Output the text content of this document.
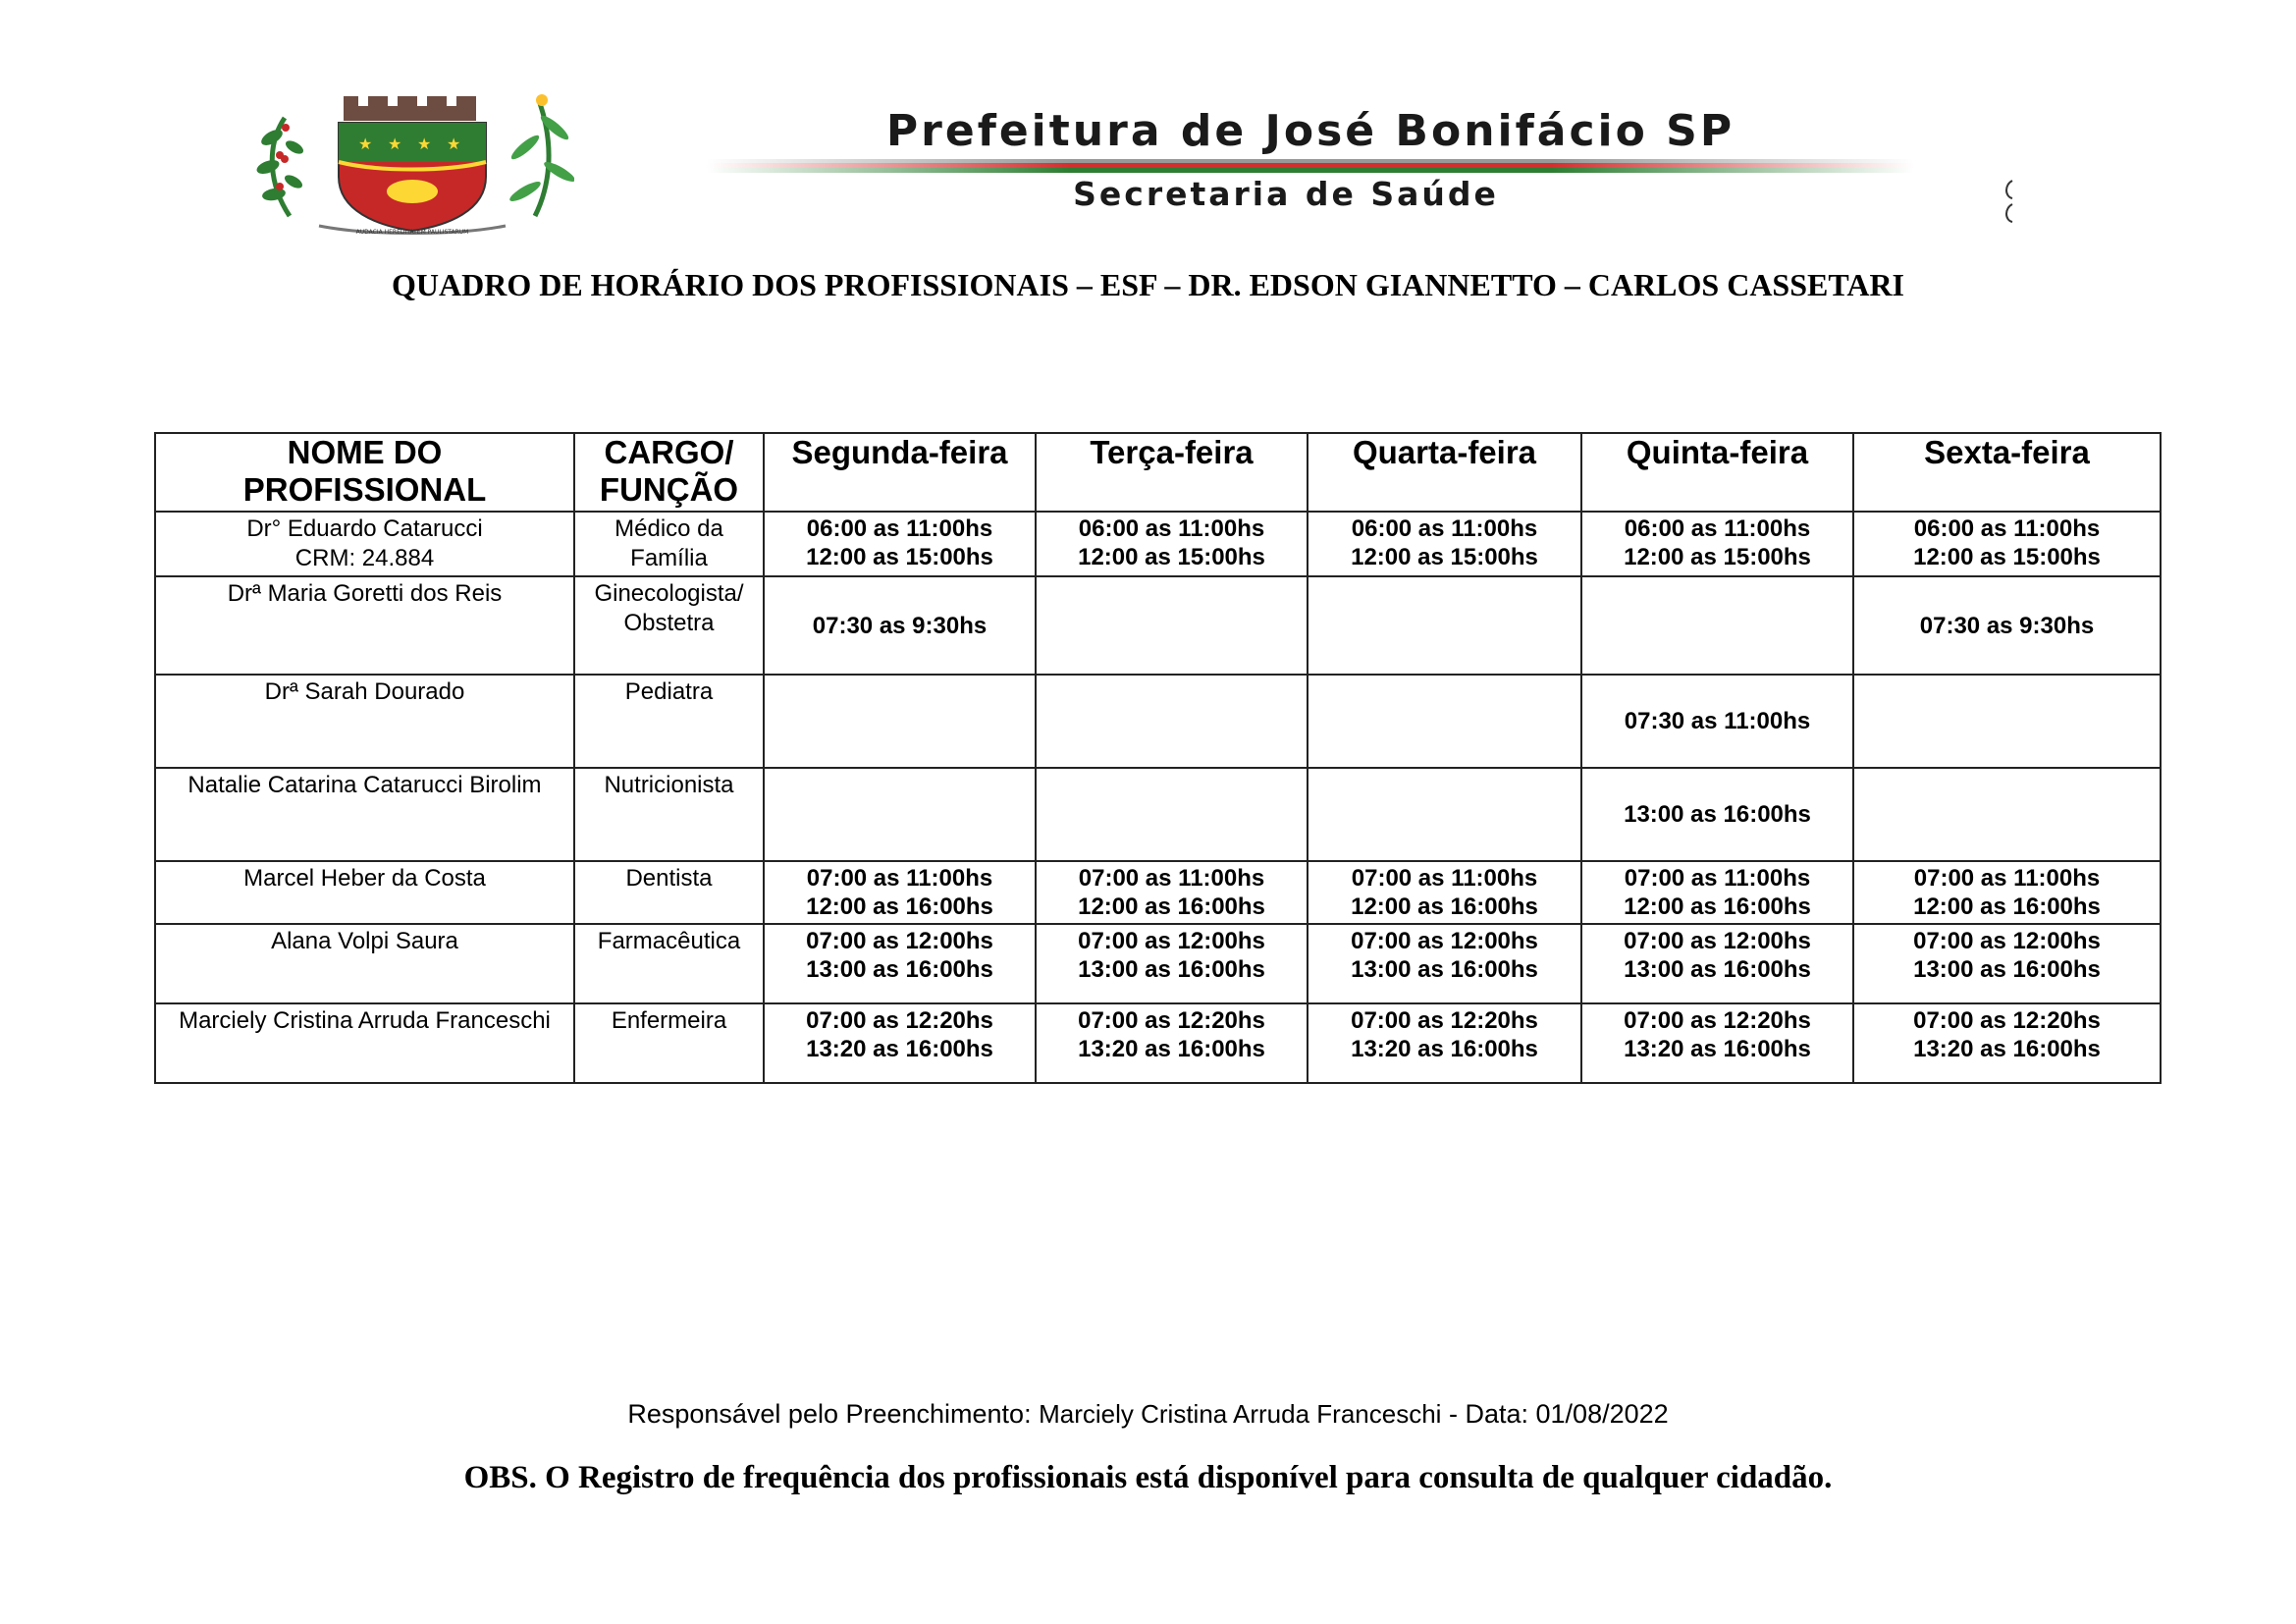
★ ★ ★ ★
AUDACIA HEREDITATEM PAULISTARUM
Prefeitura de José Bonifácio SP
Secretaria de Saúde
QUADRO DE HORÁRIO DOS PROFISSIONAIS – ESF – DR. EDSON GIANNETTO – CARLOS CASSETARI
NOME DO
PROFISSIONAL	CARGO/
FUNÇÃO	Segunda-feira	Terça-feira	Quarta-feira	Quinta-feira	Sexta-feira

Dr° Eduardo Catarucci
CRM: 24.884	Médico da
Família	06:00 as 11:00hs
12:00 as 15:00hs	06:00 as 11:00hs
12:00 as 15:00hs	06:00 as 11:00hs
12:00 as 15:00hs	06:00 as 11:00hs
12:00 as 15:00hs	06:00 as 11:00hs
12:00 as 15:00hs

Drª Maria Goretti dos Reis	Ginecologista/
Obstetra	07:30 as 9:30hs				07:30 as 9:30hs

Drª Sarah Dourado	Pediatra				07:30 as 11:00hs	

Natalie Catarina Catarucci Birolim	Nutricionista				13:00 as 16:00hs	

Marcel Heber da Costa	Dentista	07:00 as 11:00hs
12:00 as 16:00hs	07:00 as 11:00hs
12:00 as 16:00hs	07:00 as 11:00hs
12:00 as 16:00hs	07:00 as 11:00hs
12:00 as 16:00hs	07:00 as 11:00hs
12:00 as 16:00hs

Alana Volpi Saura	Farmacêutica	07:00 as 12:00hs
13:00 as 16:00hs	07:00 as 12:00hs
13:00 as 16:00hs	07:00 as 12:00hs
13:00 as 16:00hs	07:00 as 12:00hs
13:00 as 16:00hs	07:00 as 12:00hs
13:00 as 16:00hs

Marciely Cristina Arruda Franceschi	Enfermeira	07:00 as 12:20hs
13:20 as 16:00hs	07:00 as 12:20hs
13:20 as 16:00hs	07:00 as 12:20hs
13:20 as 16:00hs	07:00 as 12:20hs
13:20 as 16:00hs	07:00 as 12:20hs
13:20 as 16:00hs
Responsável pelo Preenchimento: Marciely Cristina Arruda Franceschi - Data: 01/08/2022
OBS. O Registro de frequência dos profissionais está disponível para consulta de qualquer cidadão.
